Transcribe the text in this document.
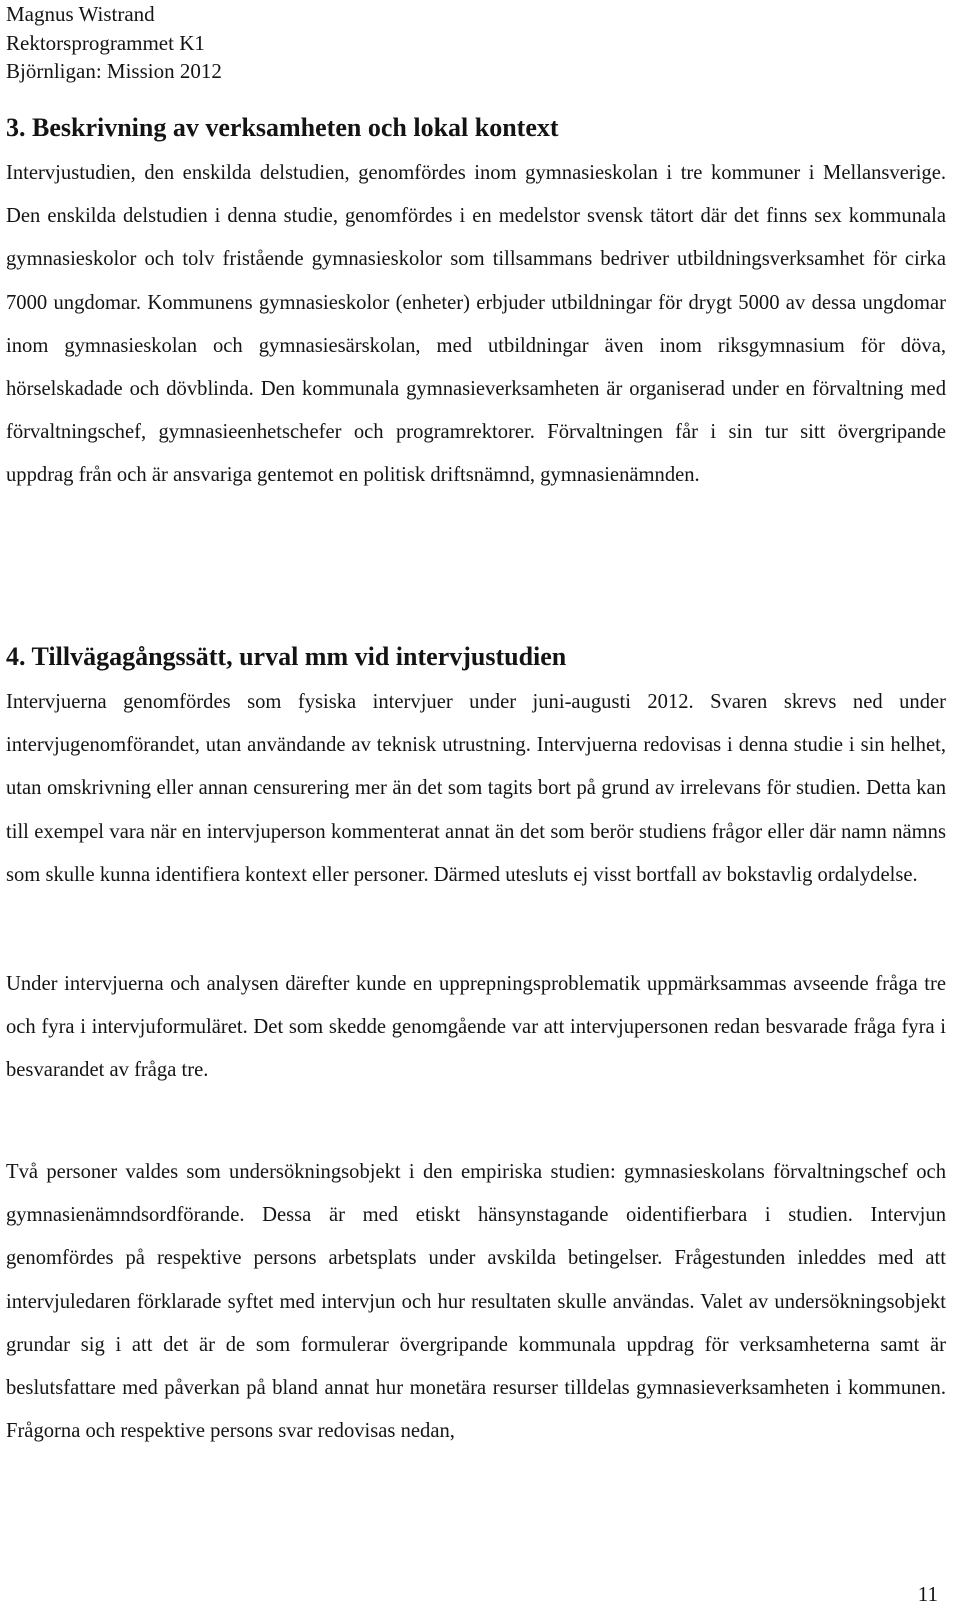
Magnus Wistrand
Rektorsprogrammet K1
Björnligan: Mission 2012
3. Beskrivning av verksamheten och lokal kontext

Intervjustudien, den enskilda delstudien, genomfördes inom gymnasieskolan i tre kommuner i Mellansverige. Den enskilda delstudien i denna studie, genomfördes i en medelstor svensk tätort där det finns sex kommunala gymnasieskolor och tolv fristående gymnasieskolor som tillsammans bedriver utbildningsverksamhet för cirka 7000 ungdomar. Kommunens gymnasieskolor (enheter) erbjuder utbildningar för drygt 5000 av dessa ungdomar inom gymnasieskolan och gymnasiesärskolan, med utbildningar även inom riksgymnasium för döva, hörselskadade och dövblinda. Den kommunala gymnasieverksamheten är organiserad under en förvaltning med förvaltningschef, gymnasieenhetschefer och programrektorer. Förvaltningen får i sin tur sitt övergripande uppdrag från och är ansvariga gentemot en politisk driftsnämnd, gymnasienämnden.

4. Tillvägagångssätt, urval mm vid intervjustudien

Intervjuerna genomfördes som fysiska intervjuer under juni-augusti 2012. Svaren skrevs ned under intervjugenomförandet, utan användande av teknisk utrustning. Intervjuerna redovisas i denna studie i sin helhet, utan omskrivning eller annan censurering mer än det som tagits bort på grund av irrelevans för studien. Detta kan till exempel vara när en intervjuperson kommenterat annat än det som berör studiens frågor eller där namn nämns som skulle kunna identifiera kontext eller personer. Därmed utesluts ej visst bortfall av bokstavlig ordalydelse.

Under intervjuerna och analysen därefter kunde en upprepningsproblematik uppmärksammas avseende fråga tre och fyra i intervjuformuläret. Det som skedde genomgående var att intervjupersonen redan besvarade fråga fyra i besvarandet av fråga tre.

Två personer valdes som undersökningsobjekt i den empiriska studien: gymnasieskolans förvaltningschef och gymnasienämndsordförande. Dessa är med etiskt hänsynstagande oidentifierbara i studien. Intervjun genomfördes på respektive persons arbetsplats under avskilda betingelser. Frågestunden inleddes med att intervjuledaren förklarade syftet med intervjun och hur resultaten skulle användas. Valet av undersökningsobjekt grundar sig i att det är de som formulerar övergripande kommunala uppdrag för verksamheterna samt är beslutsfattare med påverkan på bland annat hur monetära resurser tilldelas gymnasieverksamheten i kommunen. Frågorna och respektive persons svar redovisas nedan,

11
